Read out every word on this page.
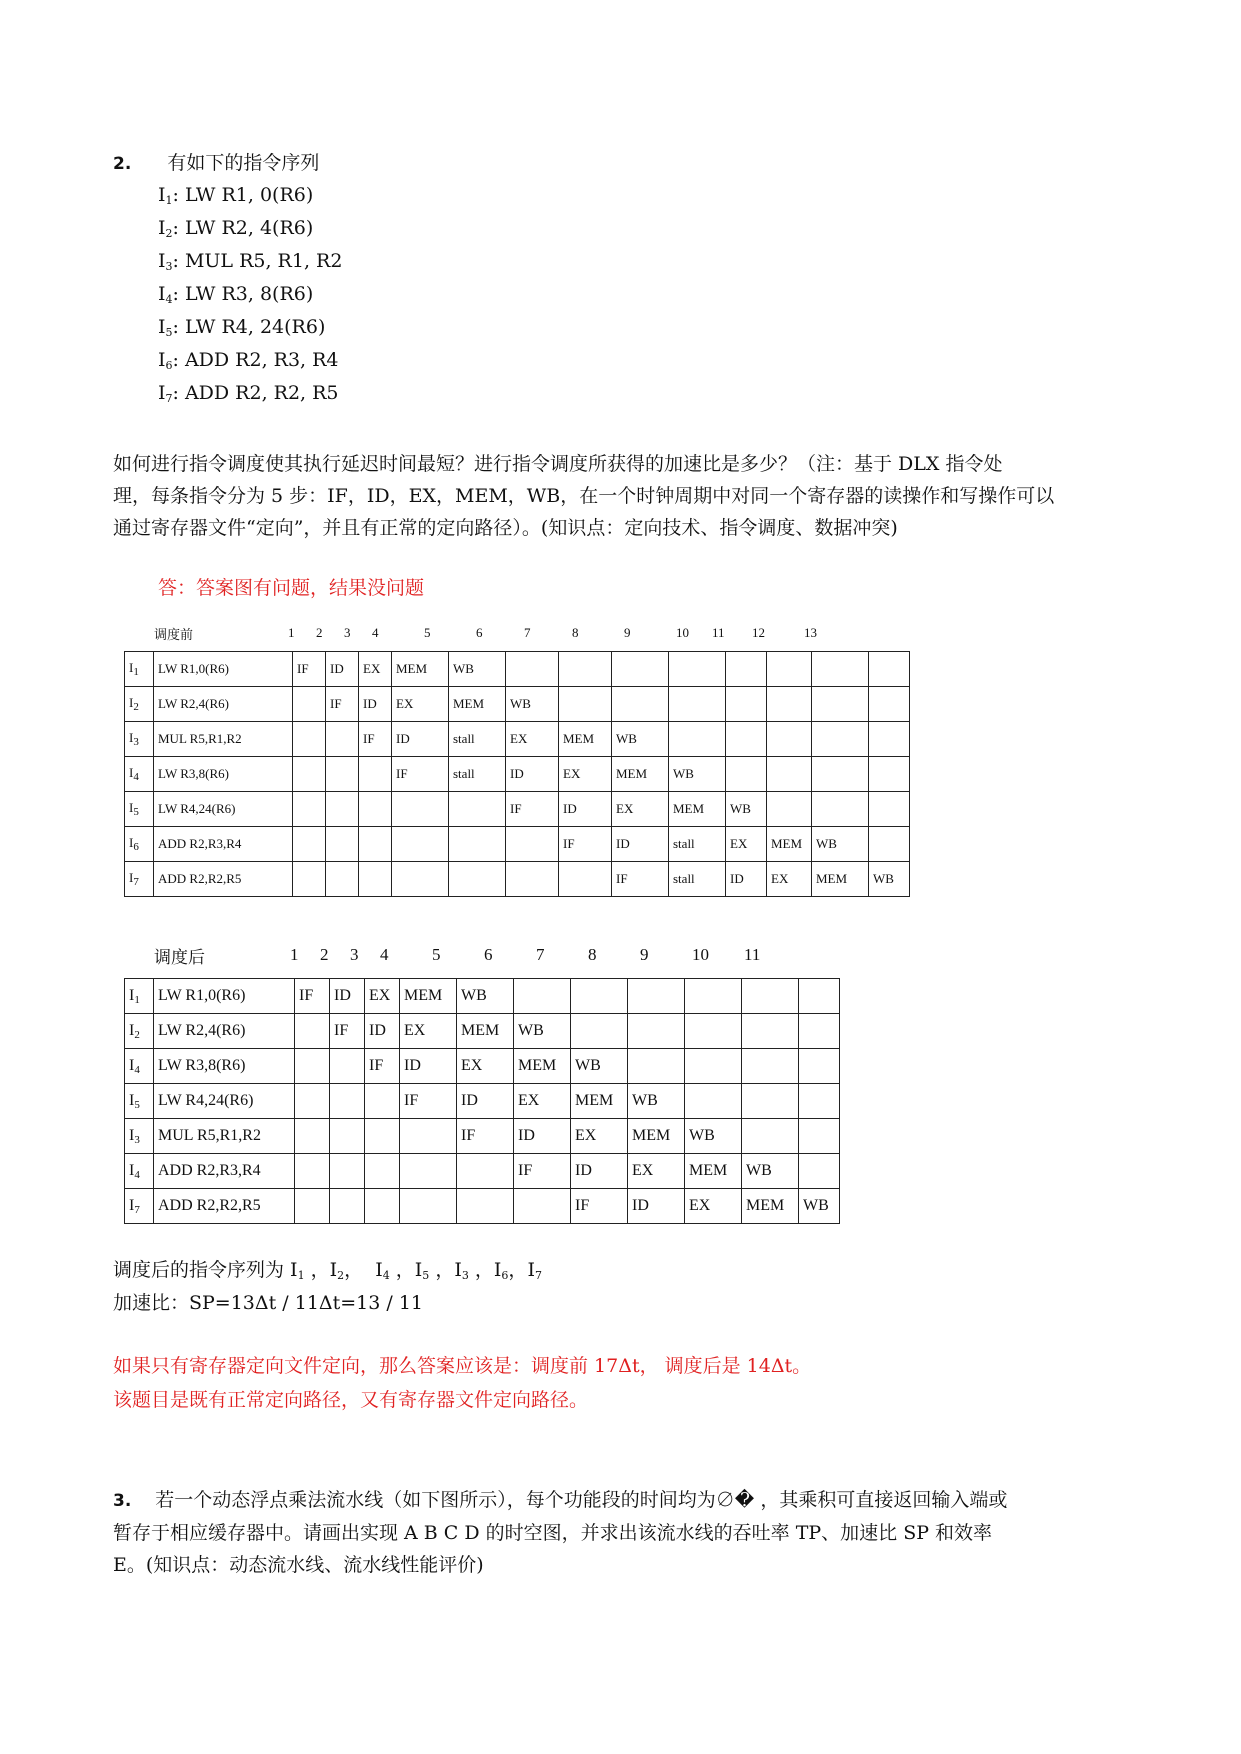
2. 有如下的指令序列
$I_1$: LW R1, 0(R6)
$I_2$: LW R2, 4(R6)
$I_3$: MUL R5, R1, R2
$I_4$: LW R3, 8(R6)
$I_5$: LW R4, 24(R6)
$I_6$: ADD R2, R3, R4
$I_7$: ADD R2, R2, R5
如何进行指令调度使其执行延迟时间最短？进行指令调度所获得的加速比是多少？（注：基于 DLX 指令处
理，每条指令分为 5 步：IF，ID，EX，MEM，WB，在一个时钟周期中对同一个寄存器的读操作和写操作可以
通过寄存器文件“定向”，并且有正常的定向路径）。(知识点：定向技术、指令调度、数据冲突)
答：答案图有问题，结果没问题
调度前	1	2	3	4	5	6	7	8	9	10	11	12	13
$I_1$	LW R1,0(R6)	IF	ID	EX	MEM	WB								
$I_2$	LW R2,4(R6)		IF	ID	EX	MEM	WB							
$I_3$	MUL R5,R1,R2			IF	ID	stall	EX	MEM	WB					
$I_4$	LW R3,8(R6)				IF	stall	ID	EX	MEM	WB				
$I_5$	LW R4,24(R6)						IF	ID	EX	MEM	WB			
$I_6$	ADD R2,R3,R4							IF	ID	stall	EX	MEM	WB	
$I_7$	ADD R2,R2,R5								IF	stall	ID	EX	MEM	WB
调度后	1	2	3	4	5	6	7	8	9	10	11
$I_1$	LW R1,0(R6)	IF	ID	EX	MEM	WB						
$I_2$	LW R2,4(R6)		IF	ID	EX	MEM	WB					
$I_4$	LW R3,8(R6)			IF	ID	EX	MEM	WB				
$I_5$	LW R4,24(R6)				IF	ID	EX	MEM	WB			
$I_3$	MUL R5,R1,R2					IF	ID	EX	MEM	WB		
$I_4$	ADD R2,R3,R4						IF	ID	EX	MEM	WB	
$I_7$	ADD R2,R2,R5							IF	ID	EX	MEM	WB
调度后的指令序列为 $I_1$ ，$I_2$，  $I_4$ ，$I_5$ ，$I_3$ ，$I_6$，$I_7$
加速比：SP=13Δt / 11Δt=13 / 11
如果只有寄存器定向文件定向，那么答案应该是：调度前 17Δt， 调度后是 14Δt。
该题目是既有正常定向路径，又有寄存器文件定向路径。
3. 若一个动态浮点乘法流水线（如下图所示），每个功能段的时间均为∅� ，其乘积可直接返回输入端或
暂存于相应缓存器中。请画出实现 A B C D 的时空图，并求出该流水线的吞吐率 TP、加速比 SP 和效率
E。(知识点：动态流水线、流水线性能评价)
